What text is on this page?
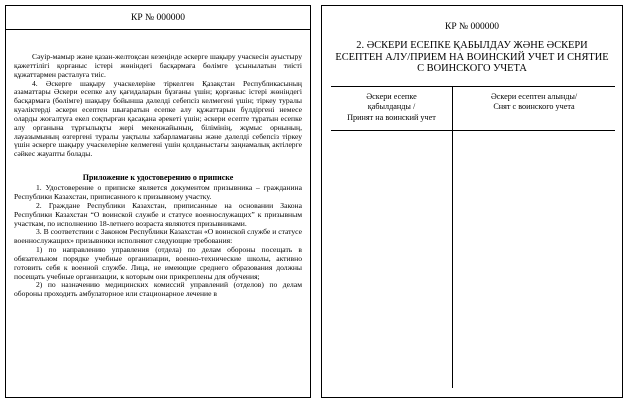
КР № 000000

Сәуір-мамыр және қазан-желтоқсан кезеңінде әскерге шақыру учаскесін ауыстыру қажеттілігі қорғаныс істері жөніндегі басқармаға бөлімге ұсынылатын тиісті құжаттармен расталуға тиіс.

4. Әскерге шақыру учаскелеріне тіркелген Қазақстан Республикасының азаматтары Әскери есепке алу қағидаларын бұзғаны үшін; қорғаныс істері жөніндегі басқармаға (бөлімге) шақыру бойынша дәлелді себепсіз келмегені үшін; тіркеу туралы куәліктерді әскери есептен шығаратын есепке алу құжаттарын бүлдіргені немесе оларды жоғалтуға екел соқтырған қасақана әрекеті үшін; әскери есепте тұратын есепке алу органына тұрғылықты жері мекенжайының, білімінің, жұмыс орнының, лауазымының өзгергені туралы уақтылы хабарламағаны және дәлелді себепсіз тіркеу үшін әскерге шақыру учаскелеріне келмегені үшін қолданыстағы заңнамалық актілерге сәйкес жауапты болады.

Приложение к удостоверению о приписке

1. Удостоверение о приписке является документом призывника – гражданина Республики Казахстан, приписанного к призывному участку.

2. Граждане Республики Казахстан, приписанные на основании Закона Республики Казахстан “О воинской службе и статусе военнослужащих” к призывным участкам, по исполнению 18-летнего возраста являются призывниками.

3. В соответствии с Законом Республики Казахстан «О воинской службе и статусе военнослужащих» призывники исполняют следующие требования:

1) по направлению управления (отдела) по делам обороны посещать в обязательном порядке учебные организации, военно-технические школы, активно готовить себя к военной службе. Лица, не имеющие среднего образования должны посещать учебные организации, к которым они прикреплены для обучения;

2) по назначению медицинских комиссий управлений (отделов) по делам обороны проходить амбулаторное или стационарное лечение в

КР № 000000
2. ӘСКЕРИ ЕСЕПКЕ ҚАБЫЛДАУ ЖӘНЕ ӘСКЕРИ
ЕСЕПТЕН АЛУ/ПРИЕМ НА ВОИНСКИЙ УЧЕТ И СНЯТИЕ
С ВОИНСКОГО УЧЕТА
Әскери есепке
қабылданды /
Принят на воинский учет
Әскери есептен алынды/
Снят с воинского учета
